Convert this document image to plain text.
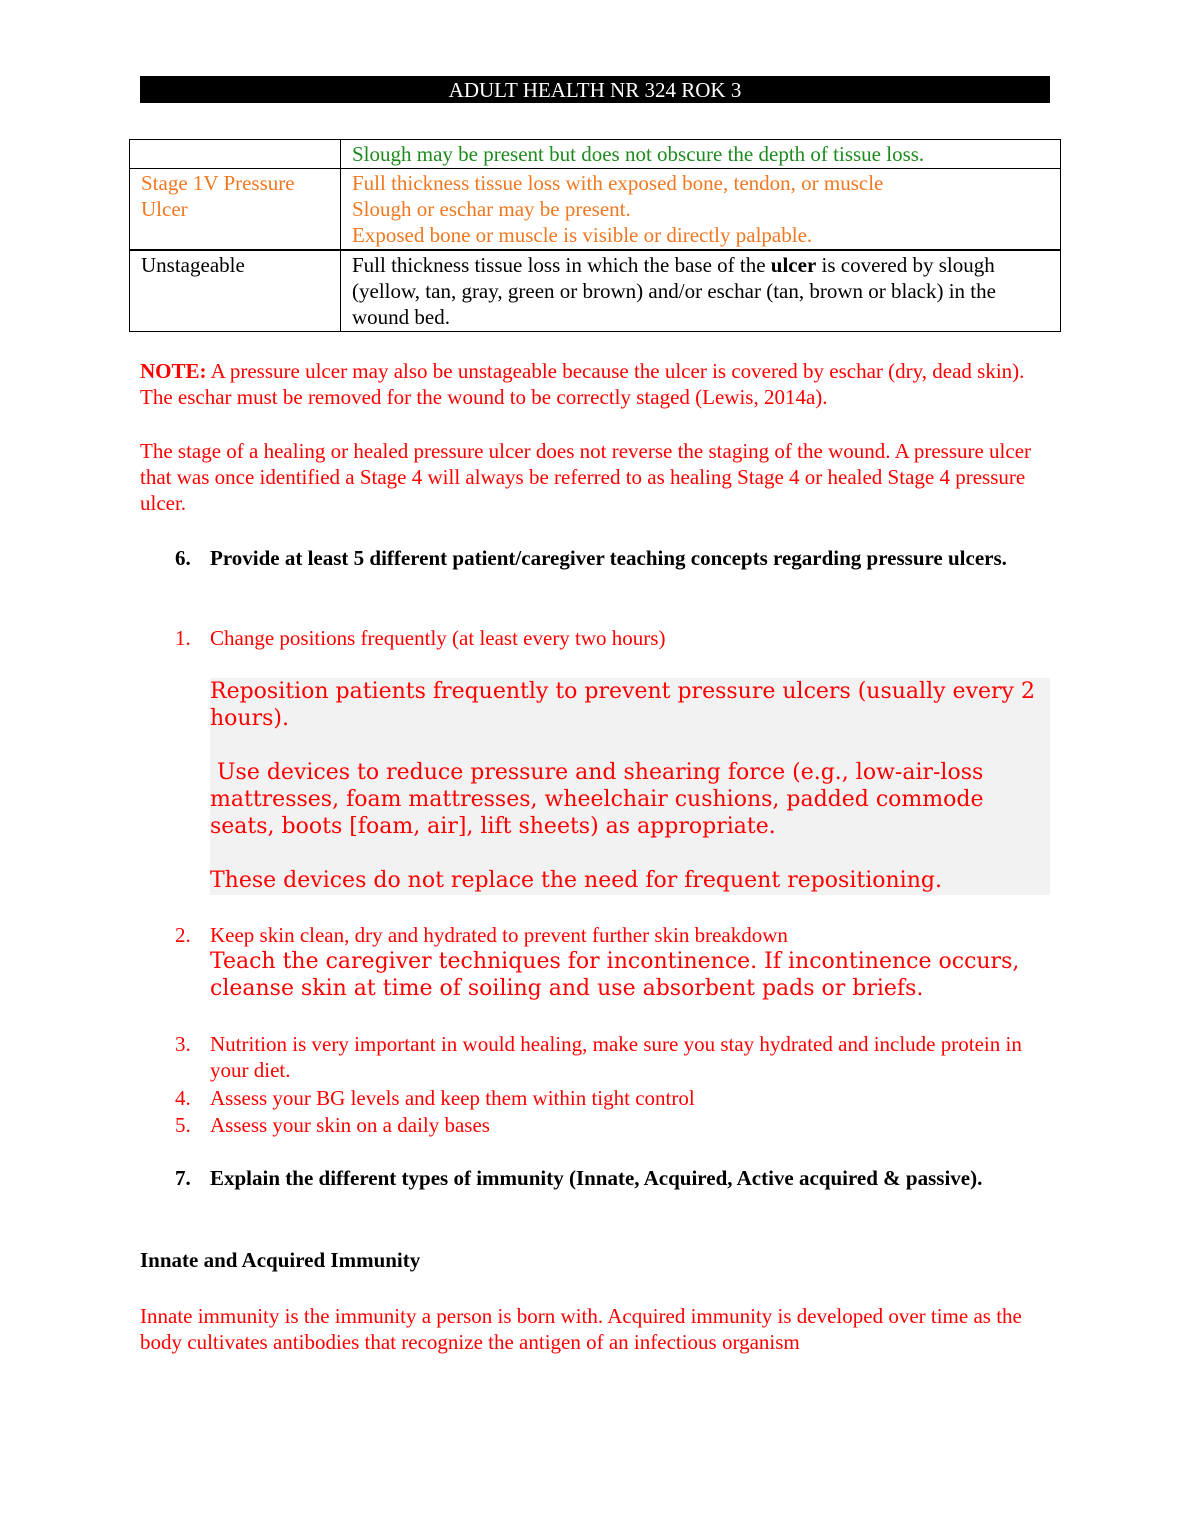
ADULT HEALTH NR 324 ROK 3
	Slough may be present but does not obscure the depth of tissue loss.
Stage 1V Pressure Ulcer	Full thickness tissue loss with exposed bone, tendon, or muscle
Slough or eschar may be present.
Exposed bone or muscle is visible or directly palpable.

Unstageable	Full thickness tissue loss in which the base of the ulcer is covered by slough (yellow, tan, gray, green or brown) and/or eschar (tan, brown or black) in the wound bed.

NOTE: A pressure ulcer may also be unstageable because the ulcer is covered by eschar (dry, dead skin). The eschar must be removed for the wound to be correctly staged (Lewis, 2014a).

The stage of a healing or healed pressure ulcer does not reverse the staging of the wound. A pressure ulcer that was once identified a Stage 4 will always be referred to as healing Stage 4 or healed Stage 4 pressure ulcer.

6. Provide at least 5 different patient/caregiver teaching concepts regarding pressure ulcers.
1. Change positions frequently (at least every two hours)

Reposition patients frequently to prevent pressure ulcers (usually every 2 hours).

Use devices to reduce pressure and shearing force (e.g., low-air-loss mattresses, foam mattresses, wheelchair cushions, padded commode seats, boots [foam, air], lift sheets) as appropriate.

These devices do not replace the need for frequent repositioning.

2. Keep skin clean, dry and hydrated to prevent further skin breakdown
Teach the caregiver techniques for incontinence. If incontinence occurs, cleanse skin at time of soiling and use absorbent pads or briefs.
3. Nutrition is very important in would healing, make sure you stay hydrated and include protein in your diet.
4. Assess your BG levels and keep them within tight control
5. Assess your skin on a daily bases
7. Explain the different types of immunity (Innate, Acquired, Active acquired & passive).

Innate and Acquired Immunity

Innate immunity is the immunity a person is born with. Acquired immunity is developed over time as the body cultivates antibodies that recognize the antigen of an infectious organism
